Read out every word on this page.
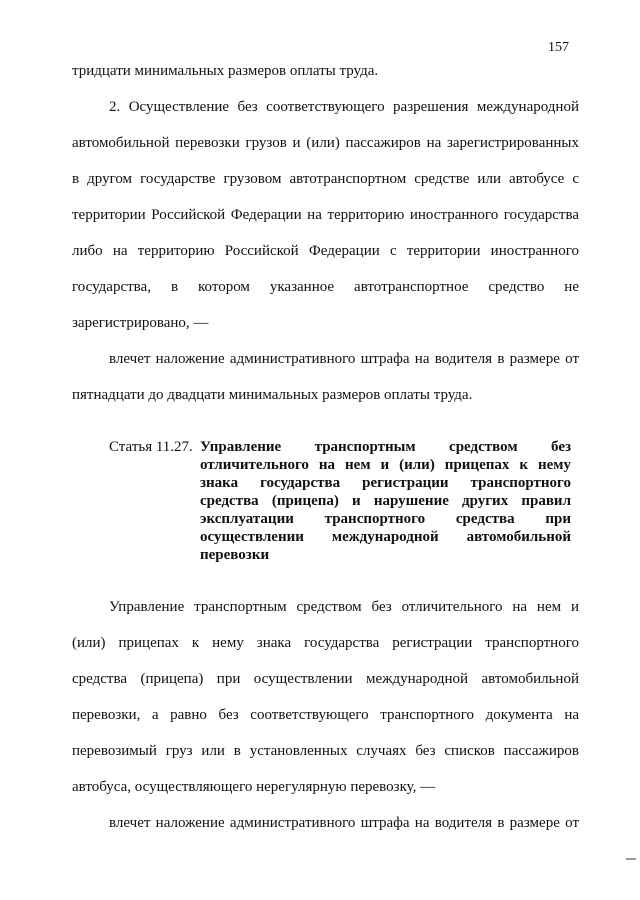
157
тридцати минимальных размеров оплаты труда.
2. Осуществление без соответствующего разрешения международной
автомобильной перевозки грузов и (или) пассажиров на зарегистрированных
в другом государстве грузовом автотранспортном средстве или автобусе с
территории Российской Федерации на территорию иностранного государства
либо на территорию Российской Федерации с территории иностранного
государства, в котором указанное автотранспортное средство не
зарегистрировано, —
влечет наложение административного штрафа на водителя в размере от
пятнадцати до двадцати минимальных размеров оплаты труда.
Статья 11.27. Управление транспортным средством без
отличительного на нем и (или) прицепах к нему
знака государства регистрации транспортного
средства (прицепа) и нарушение других правил
эксплуатации транспортного средства при
осуществлении международной автомобильной
перевозки
Управление транспортным средством без отличительного на нем и
(или) прицепах к нему знака государства регистрации транспортного
средства (прицепа) при осуществлении международной автомобильной
перевозки, а равно без соответствующего транспортного документа на
перевозимый груз или в установленных случаях без списков пассажиров
автобуса, осуществляющего нерегулярную перевозку, —
влечет наложение административного штрафа на водителя в размере от
